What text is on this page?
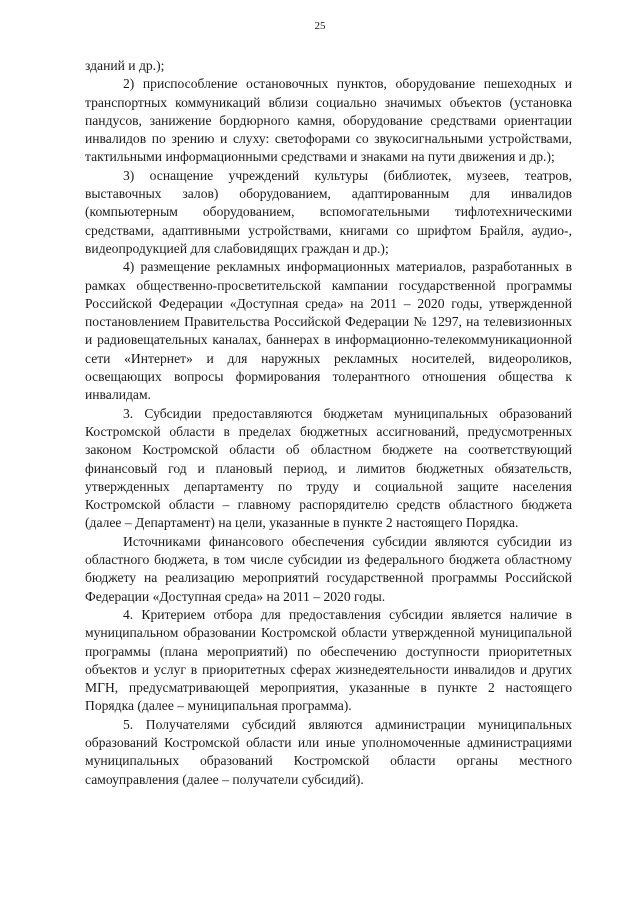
25

зданий и др.);

2) приспособление остановочных пунктов, оборудование пешеходных и транспортных коммуникаций вблизи социально значимых объектов (установка пандусов, занижение бордюрного камня, оборудование средствами ориентации инвалидов по зрению и слуху: светофорами со звукосигнальными устройствами, тактильными информационными средствами и знаками на пути движения и др.);

3) оснащение учреждений культуры (библиотек, музеев, театров, выставочных залов) оборудованием, адаптированным для инвалидов (компьютерным оборудованием, вспомогательными тифлотехническими средствами, адаптивными устройствами, книгами со шрифтом Брайля, аудио-, видеопродукцией для слабовидящих граждан и др.);

4) размещение рекламных информационных материалов, разработанных в рамках общественно-просветительской кампании государственной программы Российской Федерации «Доступная среда» на 2011 – 2020 годы, утвержденной постановлением Правительства Российской Федерации № 1297, на телевизионных и радиовещательных каналах, баннерах в информационно-телекоммуникационной сети «Интернет» и для наружных рекламных носителей, видеороликов, освещающих вопросы формирования толерантного отношения общества к инвалидам.

3. Субсидии предоставляются бюджетам муниципальных образований Костромской области в пределах бюджетных ассигнований, предусмотренных законом Костромской области об областном бюджете на соответствующий финансовый год и плановый период, и лимитов бюджетных обязательств, утвержденных департаменту по труду и социальной защите населения Костромской области – главному распорядителю средств областного бюджета (далее – Департамент) на цели, указанные в пункте 2 настоящего Порядка.

Источниками финансового обеспечения субсидии являются субсидии из областного бюджета, в том числе субсидии из федерального бюджета областному бюджету на реализацию мероприятий государственной программы Российской Федерации «Доступная среда» на 2011 – 2020 годы.

4. Критерием отбора для предоставления субсидии является наличие в муниципальном образовании Костромской области утвержденной муниципальной программы (плана мероприятий) по обеспечению доступности приоритетных объектов и услуг в приоритетных сферах жизнедеятельности инвалидов и других МГН, предусматривающей мероприятия, указанные в пункте 2 настоящего Порядка (далее – муниципальная программа).

5. Получателями субсидий являются администрации муниципальных образований Костромской области или иные уполномоченные администрациями муниципальных образований Костромской области органы местного самоуправления (далее – получатели субсидий).
